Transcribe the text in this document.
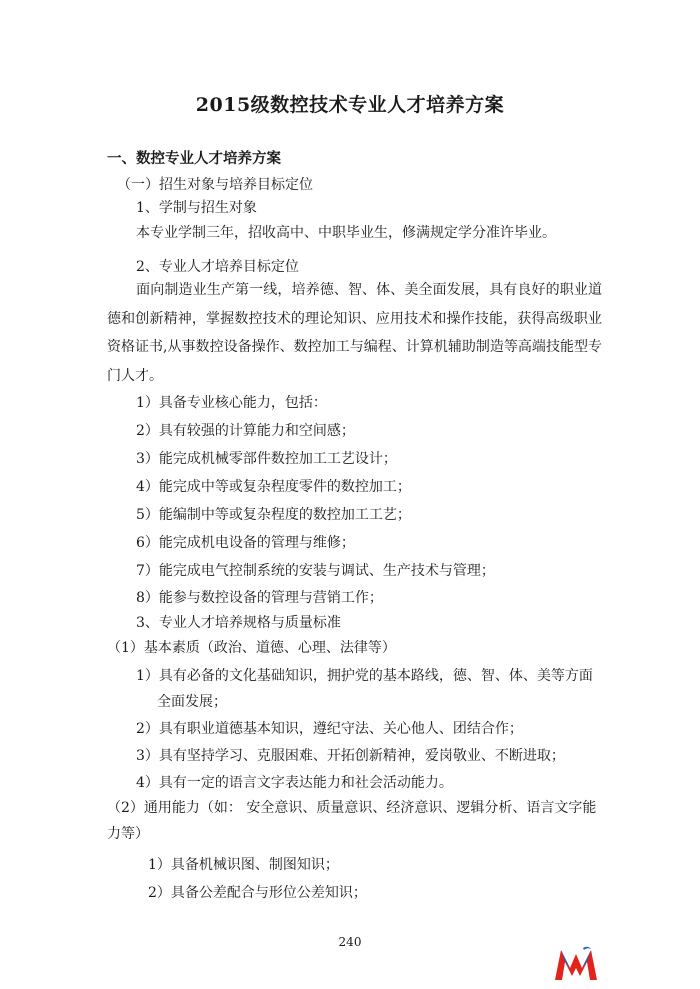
2015级数控技术专业人才培养方案
一、数控专业人才培养方案
（一）招生对象与培养目标定位
1、学制与招生对象
本专业学制三年，招收高中、中职毕业生，修满规定学分准许毕业。
2、专业人才培养目标定位
面向制造业生产第一线，培养德、智、体、美全面发展，具有良好的职业道德和创新精神，掌握数控技术的理论知识、应用技术和操作技能，获得高级职业资格证书,从事数控设备操作、数控加工与编程、计算机辅助制造等高端技能型专门人才。
1）具备专业核心能力，包括：
2）具有较强的计算能力和空间感；
3）能完成机械零部件数控加工工艺设计；
4）能完成中等或复杂程度零件的数控加工；
5）能编制中等或复杂程度的数控加工工艺；
6）能完成机电设备的管理与维修；
7）能完成电气控制系统的安装与调试、生产技术与管理；
8）能参与数控设备的管理与营销工作；
3、专业人才培养规格与质量标准
（1）基本素质（政治、道德、心理、法律等）
1）具有必备的文化基础知识，拥护党的基本路线，德、智、体、美等方面
全面发展；
2）具有职业道德基本知识，遵纪守法、关心他人、团结合作；
3）具有坚持学习、克服困难、开拓创新精神，爱岗敬业、不断进取；
4）具有一定的语言文字表达能力和社会活动能力。
（2）通用能力（如： 安全意识、质量意识、经济意识、逻辑分析、语言文字能
力等）
1）具备机械识图、制图知识；
2）具备公差配合与形位公差知识；
240
